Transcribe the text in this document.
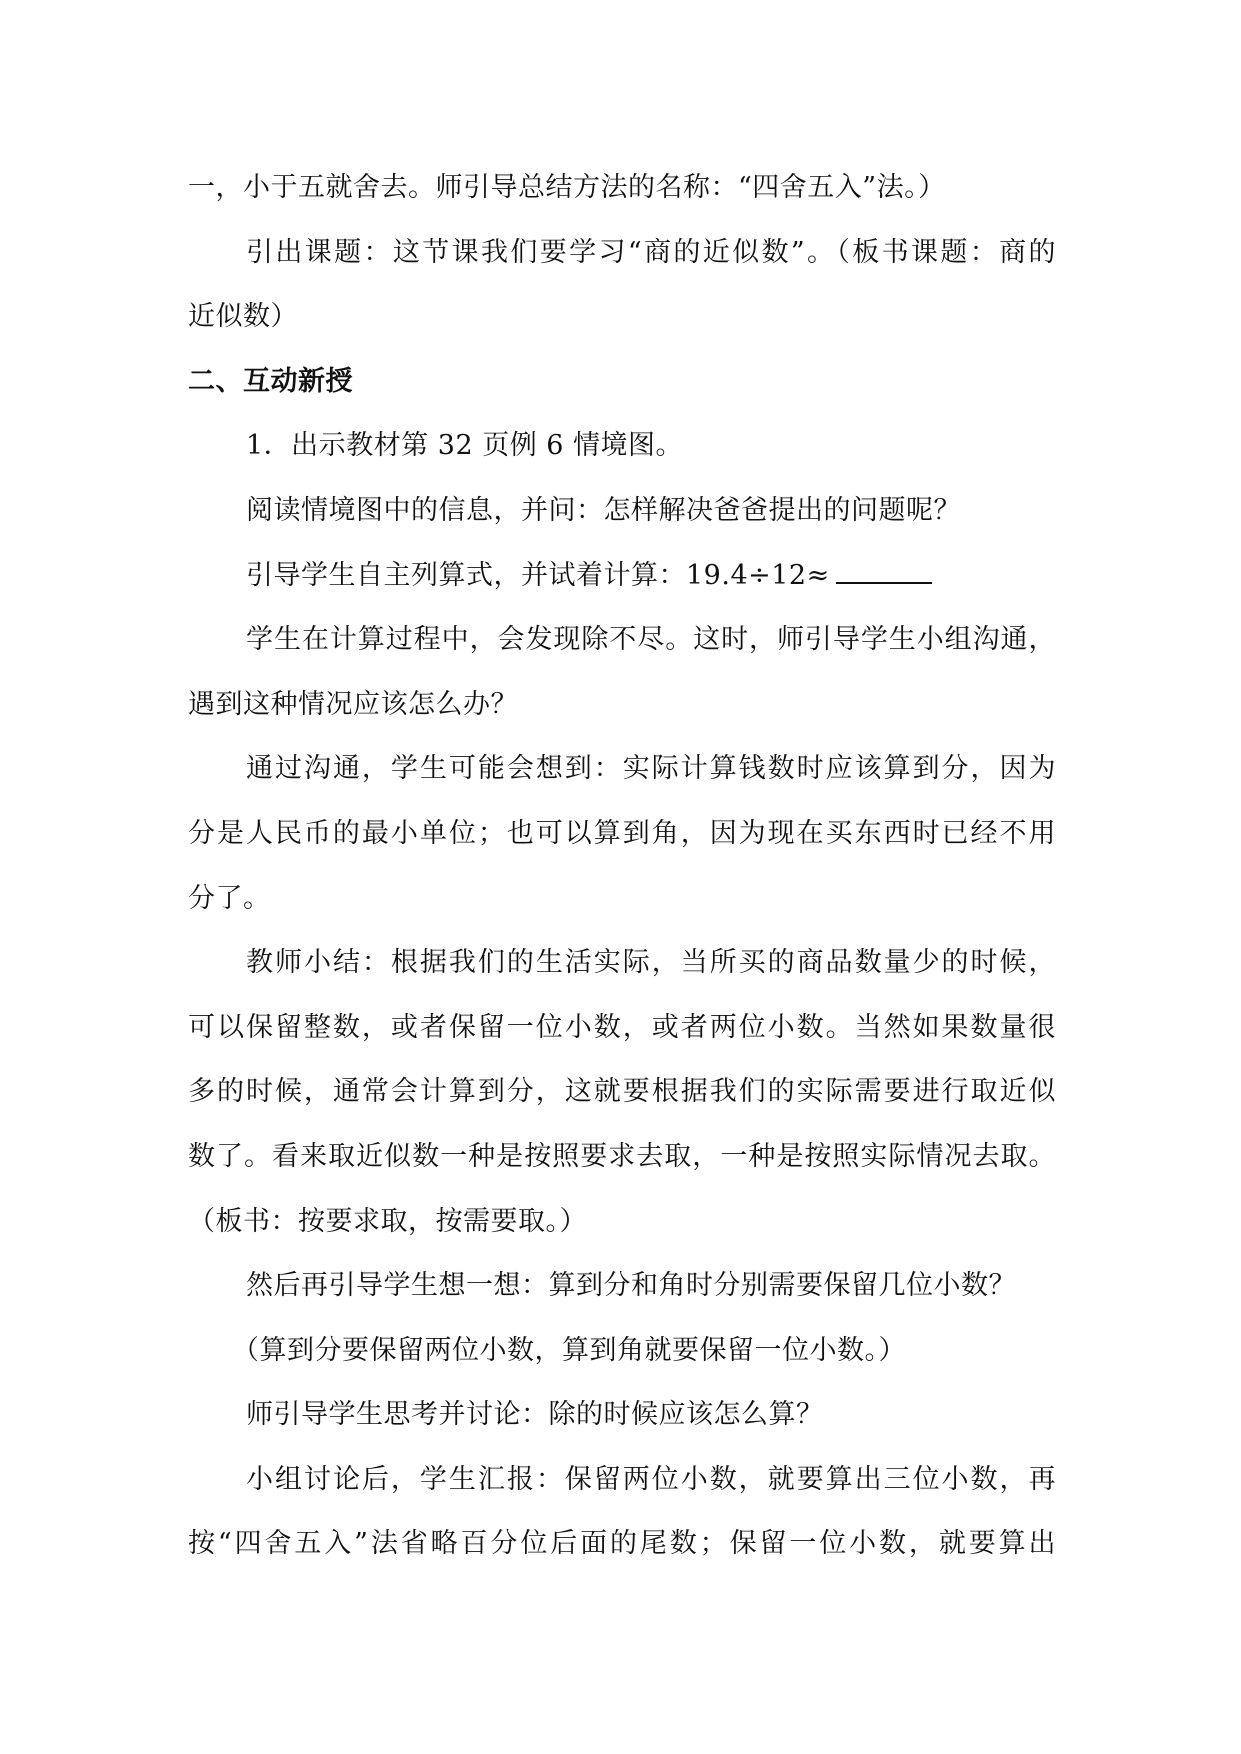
一，小于五就舍去。师引导总结方法的名称：“四舍五入”法。）
引出课题：这节课我们要学习“商的近似数”。（板书课题：商的
近似数）
二、互动新授
1．出示教材第 32 页例 6 情境图。
阅读情境图中的信息，并问：怎样解决爸爸提出的问题呢？
引导学生自主列算式，并试着计算：19.4÷12≈
学生在计算过程中，会发现除不尽。这时，师引导学生小组沟通，
遇到这种情况应该怎么办？
通过沟通，学生可能会想到：实际计算钱数时应该算到分，因为
分是人民币的最小单位；也可以算到角，因为现在买东西时已经不用
分了。
教师小结：根据我们的生活实际，当所买的商品数量少的时候，
可以保留整数，或者保留一位小数，或者两位小数。当然如果数量很
多的时候，通常会计算到分，这就要根据我们的实际需要进行取近似
数了。看来取近似数一种是按照要求去取，一种是按照实际情况去取。
（板书：按要求取，按需要取。）
然后再引导学生想一想：算到分和角时分别需要保留几位小数？
（算到分要保留两位小数，算到角就要保留一位小数。）
师引导学生思考并讨论：除的时候应该怎么算？
小组讨论后，学生汇报：保留两位小数，就要算出三位小数，再
按“四舍五入”法省略百分位后面的尾数；保留一位小数，就要算出
